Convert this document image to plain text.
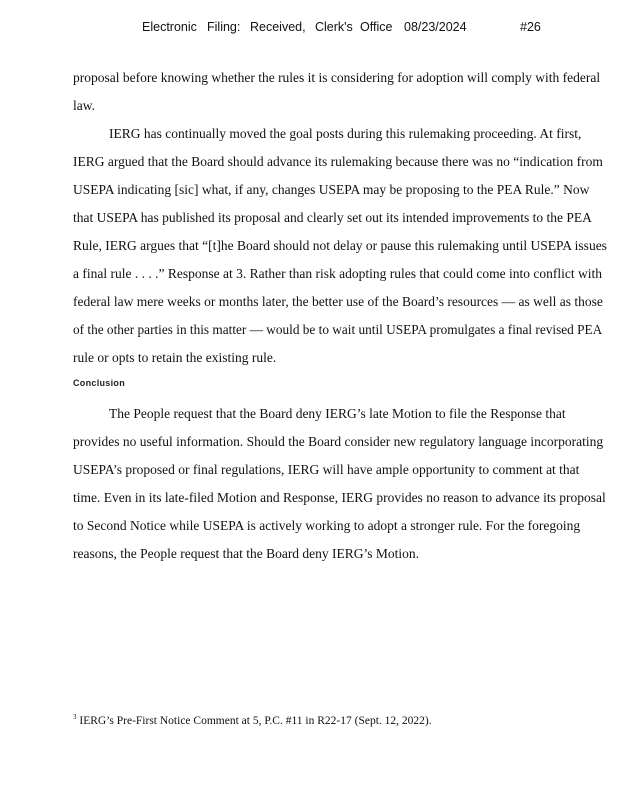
Electronic Filing: Received, Clerk's Office 08/23/2024	#26
proposal before knowing whether the rules it is considering for adoption will comply with federal
law.
IERG has continually moved the goal posts during this rulemaking proceeding. At first,
IERG argued that the Board should advance its rulemaking because there was no “indication from
USEPA indicating [sic] what, if any, changes USEPA may be proposing to the PEA Rule.” Now
that USEPA has published its proposal and clearly set out its intended improvements to the PEA
Rule, IERG argues that “[t]he Board should not delay or pause this rulemaking until USEPA issues
a final rule . . . .” Response at 3. Rather than risk adopting rules that could come into conflict with
federal law mere weeks or months later, the better use of the Board’s resources — as well as those
of the other parties in this matter — would be to wait until USEPA promulgates a final revised PEA
rule or opts to retain the existing rule.
The People request that the Board deny IERG’s late Motion to file the Response that
provides no useful information. Should the Board consider new regulatory language incorporating
USEPA’s proposed or final regulations, IERG will have ample opportunity to comment at that
time. Even in its late-filed Motion and Response, IERG provides no reason to advance its proposal
to Second Notice while USEPA is actively working to adopt a stronger rule. For the foregoing
reasons, the People request that the Board deny IERG’s Motion.
Conclusion
$^3$ IERG’s Pre-First Notice Comment at 5, P.C. #11 in R22-17 (Sept. 12, 2022).
